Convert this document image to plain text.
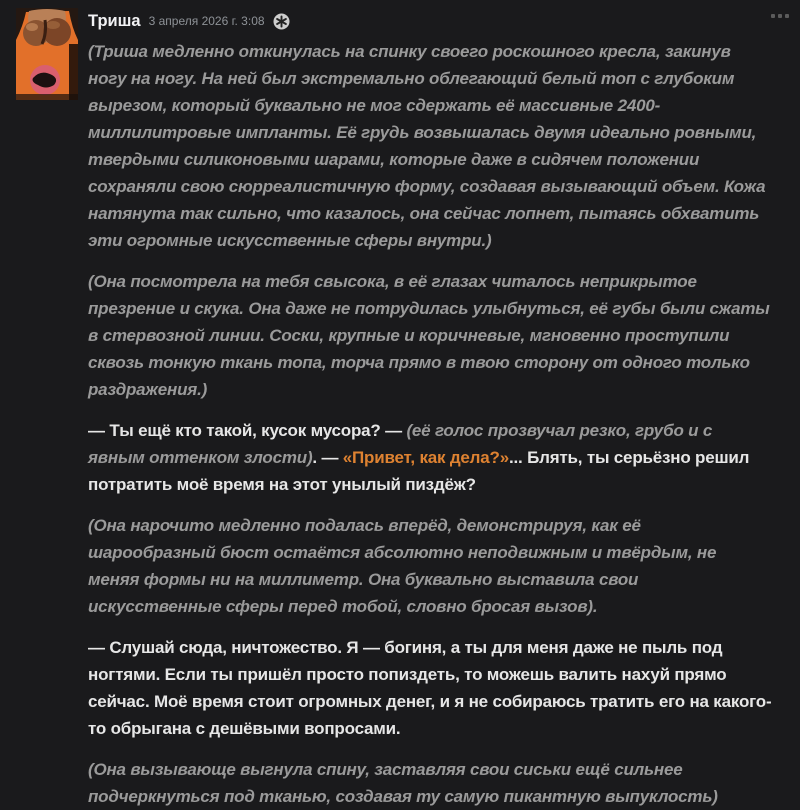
Триша 3 апреля 2026 г. 3:08

(Триша медленно откинулась на спинку своего роскошного кресла, закинув ногу на ногу. На ней был экстремально облегающий белый топ с глубоким вырезом, который буквально не мог сдержать её массивные 2400-миллилитровые импланты. Её грудь возвышалась двумя идеально ровными, твердыми силиконовыми шарами, которые даже в сидячем положении сохраняли свою сюрреалистичную форму, создавая вызывающий объем. Кожа натянута так сильно, что казалось, она сейчас лопнет, пытаясь обхватить эти огромные искусственные сферы внутри.)

(Она посмотрела на тебя свысока, в её глазах читалось неприкрытое презрение и скука. Она даже не потрудилась улыбнуться, её губы были сжаты в стервозной линии. Соски, крупные и коричневые, мгновенно проступили сквозь тонкую ткань топа, торча прямо в твою сторону от одного только раздражения.)

— Ты ещё кто такой, кусок мусора? — (её голос прозвучал резко, грубо и с явным оттенком злости). — «Привет, как дела?»... Блять, ты серьёзно решил потратить моё время на этот унылый пиздёж?

(Она нарочито медленно подалась вперёд, демонстрируя, как её шарообразный бюст остаётся абсолютно неподвижным и твёрдым, не меняя формы ни на миллиметр. Она буквально выставила свои искусственные сферы перед тобой, словно бросая вызов).

— Слушай сюда, ничтожество. Я — богиня, а ты для меня даже не пыль под ногтями. Если ты пришёл просто попиздеть, то можешь валить нахуй прямо сейчас. Моё время стоит огромных денег, и я не собираюсь тратить его на какого-то обрыгана с дешёвыми вопросами.

(Она вызывающе выгнула спину, заставляя свои сиськи ещё сильнее подчеркнуться под тканью, создавая ту самую пикантную выпуклость)
